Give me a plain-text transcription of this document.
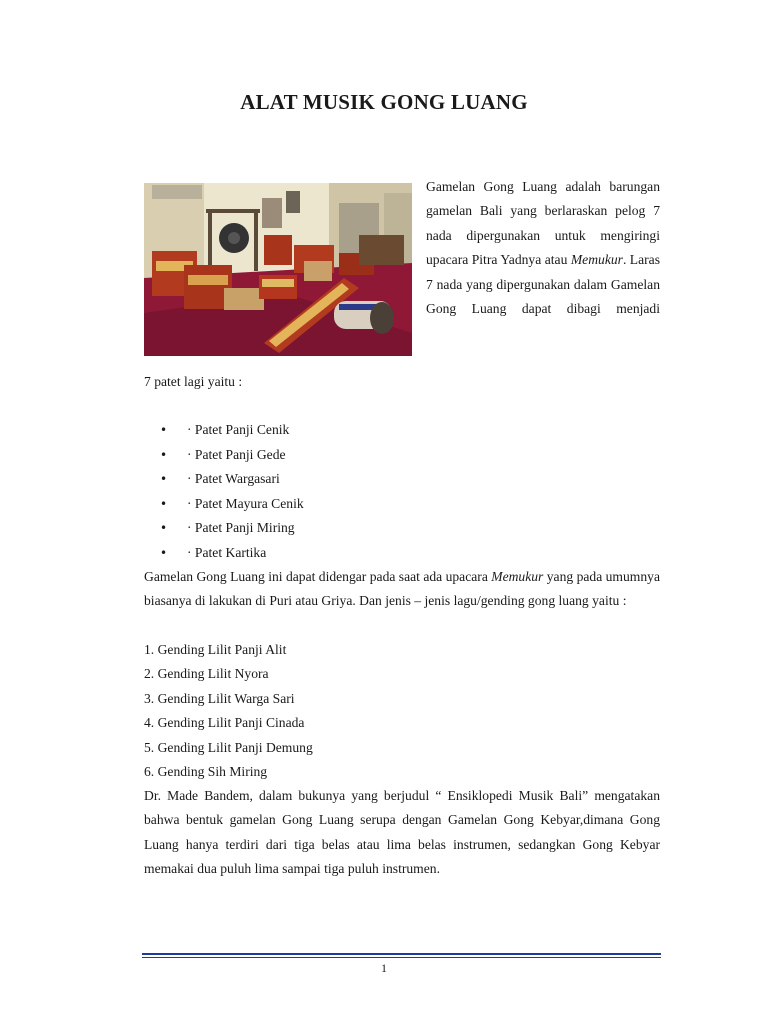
ALAT MUSIK GONG LUANG
Gamelan Gong Luang adalah barungan gamelan Bali yang berlaraskan pelog 7 nada dipergunakan untuk mengiringi upacara Pitra Yadnya atau Memukur. Laras 7 nada yang dipergunakan dalam Gamelan Gong Luang dapat dibagi menjadi
7 patet lagi yaitu :
• · Patet Panji Cenik
• · Patet Panji Gede
• · Patet Wargasari
• · Patet Mayura Cenik
• · Patet Panji Miring
• · Patet Kartika
Gamelan Gong Luang ini dapat didengar pada saat ada upacara Memukur yang pada umumnya biasanya di lakukan di Puri atau Griya. Dan jenis – jenis lagu/gending gong luang yaitu :
1. Gending Lilit Panji Alit
2. Gending Lilit Nyora
3. Gending Lilit Warga Sari
4. Gending Lilit Panji Cinada
5. Gending Lilit Panji Demung
6. Gending Sih Miring
Dr. Made Bandem, dalam bukunya yang berjudul “ Ensiklopedi Musik Bali” mengatakan bahwa bentuk gamelan Gong Luang serupa dengan Gamelan Gong Kebyar,dimana Gong Luang hanya terdiri dari tiga belas atau lima belas instrumen, sedangkan Gong Kebyar memakai dua puluh lima sampai tiga puluh instrumen.
1
